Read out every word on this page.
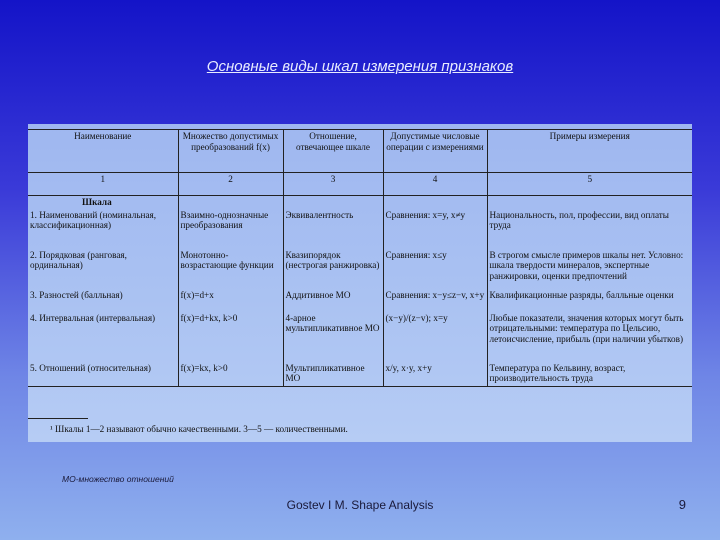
Основные виды шкал измерения признаков
Наименование	Множество допустимых преобразований f(x)	Отношение, отвечающее шкале	Допустимые числовые операции с измерениями	Примеры измерения
1	2	3	4	5
Шкала				
1. Наименований (номинальная, классификационная)	Взаимно-однозначные преобразования	Эквивалентность	Сравнения: x=y, x≠y	Национальность, пол, профессии, вид оплаты труда
2. Порядковая (ранговая, ординальная)	Монотонно-возрастающие функции	Квазипорядок (нестрогая ранжировка)	Сравнения: x≤y	В строгом смысле примеров шкалы нет. Условно: шкала твердости минералов, экспертные ранжировки, оценки предпочтений
3. Разностей (балльная)	f(x)=d+x	Аддитивное МО	Сравнения: x−y≤z−v, x+y	Квалификационные разряды, балльные оценки
4. Интервальная (интервальная)	f(x)=d+kx, k>0	4-арное мультипликативное МО	(x−y)/(z−v); x=y	Любые показатели, значения которых могут быть отрицательными: температура по Цельсию, летоисчисление, прибыль (при наличии убытков)
5. Отношений (относительная)	f(x)=kx, k>0	Мультипликативное МО	x/y, x·y, x+y	Температура по Кельвину, возраст, производительность труда
¹ Шкалы 1—2 называют обычно качественными. 3—5 — количественными.
МО-множество отношений
Gostev I M. Shape Analysis	9
